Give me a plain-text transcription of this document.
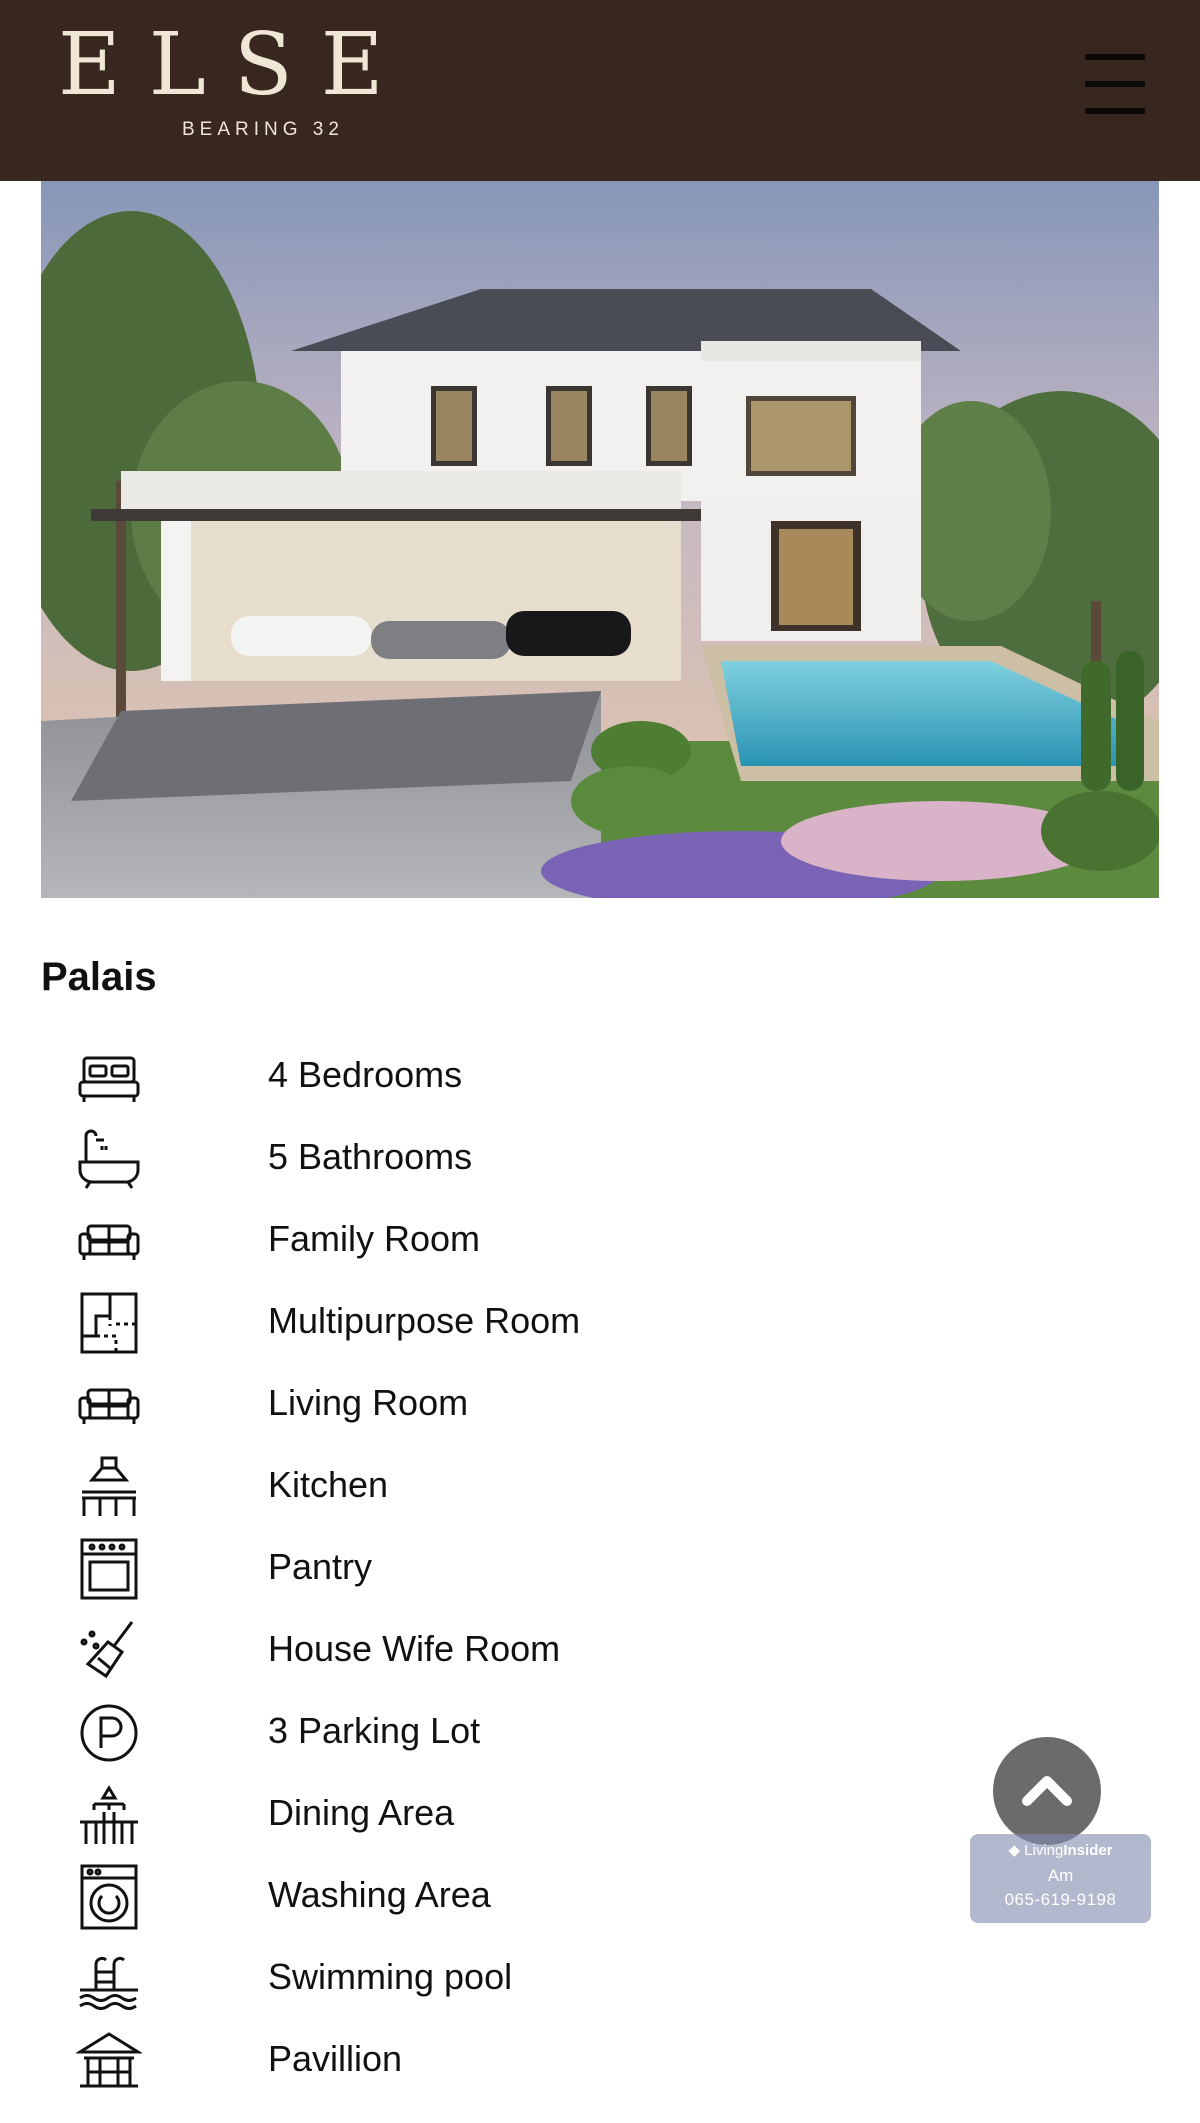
ELSE
BEARING 32
Palais
4 Bedrooms
5 Bathrooms
Family Room
Multipurpose Room
Living Room
Kitchen
Pantry
House Wife Room
3 Parking Lot
Dining Area
Washing Area
Swimming pool
Pavillion
◆ LivingInsider
Am
065-619-9198
